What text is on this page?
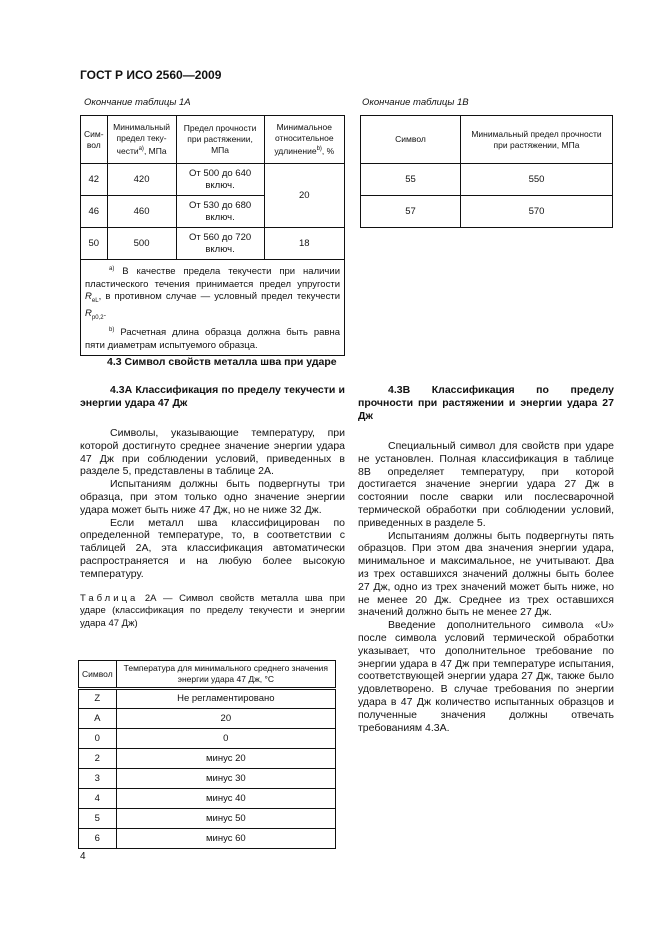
ГОСТ Р ИСО 2560—2009
Окончание таблицы 1А
Сим-вол	Минимальный предел теку-чести$^{a)}$, МПа	Предел прочности при растяжении, МПа	Минимальное относительное удлинение$^{b)}$, %
42	420	От 500 до 640 включ.	20
46	460	От 530 до 680 включ.	
50	500	От 560 до 720 включ.	18

$^{a)}$ В качестве предела текучести при наличии пластического течения принимается предел упругости $R_{eL}$, в противном случае — условный предел текучести $R_{p0,2}$.

$^{b)}$ Расчетная длина образца должна быть равна пяти диаметрам испытуемого образца.			

Окончание таблицы 1В
Символ	Минимальный предел прочности при растяжении, МПа
55	550
57	570
4.3 Символ свойств металла шва при ударе
4.3А Классификация по пределу текучести и энергии удара 47 Дж

Символы, указывающие температуру, при которой достигнуто среднее значение энергии удара 47 Дж при соблюдении условий, приведенных в разделе 5, представлены в таблице 2А.

Испытаниям должны быть подвергнуты три образца, при этом только одно значение энергии удара может быть ниже 47 Дж, но не ниже 32 Дж.

Если металл шва классифицирован по определенной температуре, то, в соответствии с таблицей 2А, эта классификация автоматически распространяется и на любую более высокую температуру.

Таблица 2А — Символ свойств металла шва при ударе (классификация по пределу текучести и энергии удара 47 Дж)
Символ	Температура для минимального среднего значения энергии удара 47 Дж, °С
Z	Не регламентировано
A	20
0	0
2	минус 20
3	минус 30
4	минус 40
5	минус 50
6	минус 60
4.3В Классификация по пределу прочности при растяжении и энергии удара 27 Дж

Специальный символ для свойств при ударе не установлен. Полная классификация в таблице 8В определяет температуру, при которой достигается значение энергии удара 27 Дж в состоянии после сварки или послесварочной термической обработки при соблюдении условий, приведенных в разделе 5.

Испытаниям должны быть подвергнуты пять образцов. При этом два значения энергии удара, минимальное и максимальное, не учитывают. Два из трех оставшихся значений должны быть более 27 Дж, одно из трех значений может быть ниже, но не менее 20 Дж. Среднее из трех оставшихся значений должно быть не менее 27 Дж.

Введение дополнительного символа «U» после символа условий термической обработки указывает, что дополнительное требование по энергии удара в 47 Дж при температуре испытания, соответствующей энергии удара 27 Дж, также было удовлетворено. В случае требования по энергии удара в 47 Дж количество испытанных образцов и полученные значения должны отвечать требованиям 4.3А.

4
